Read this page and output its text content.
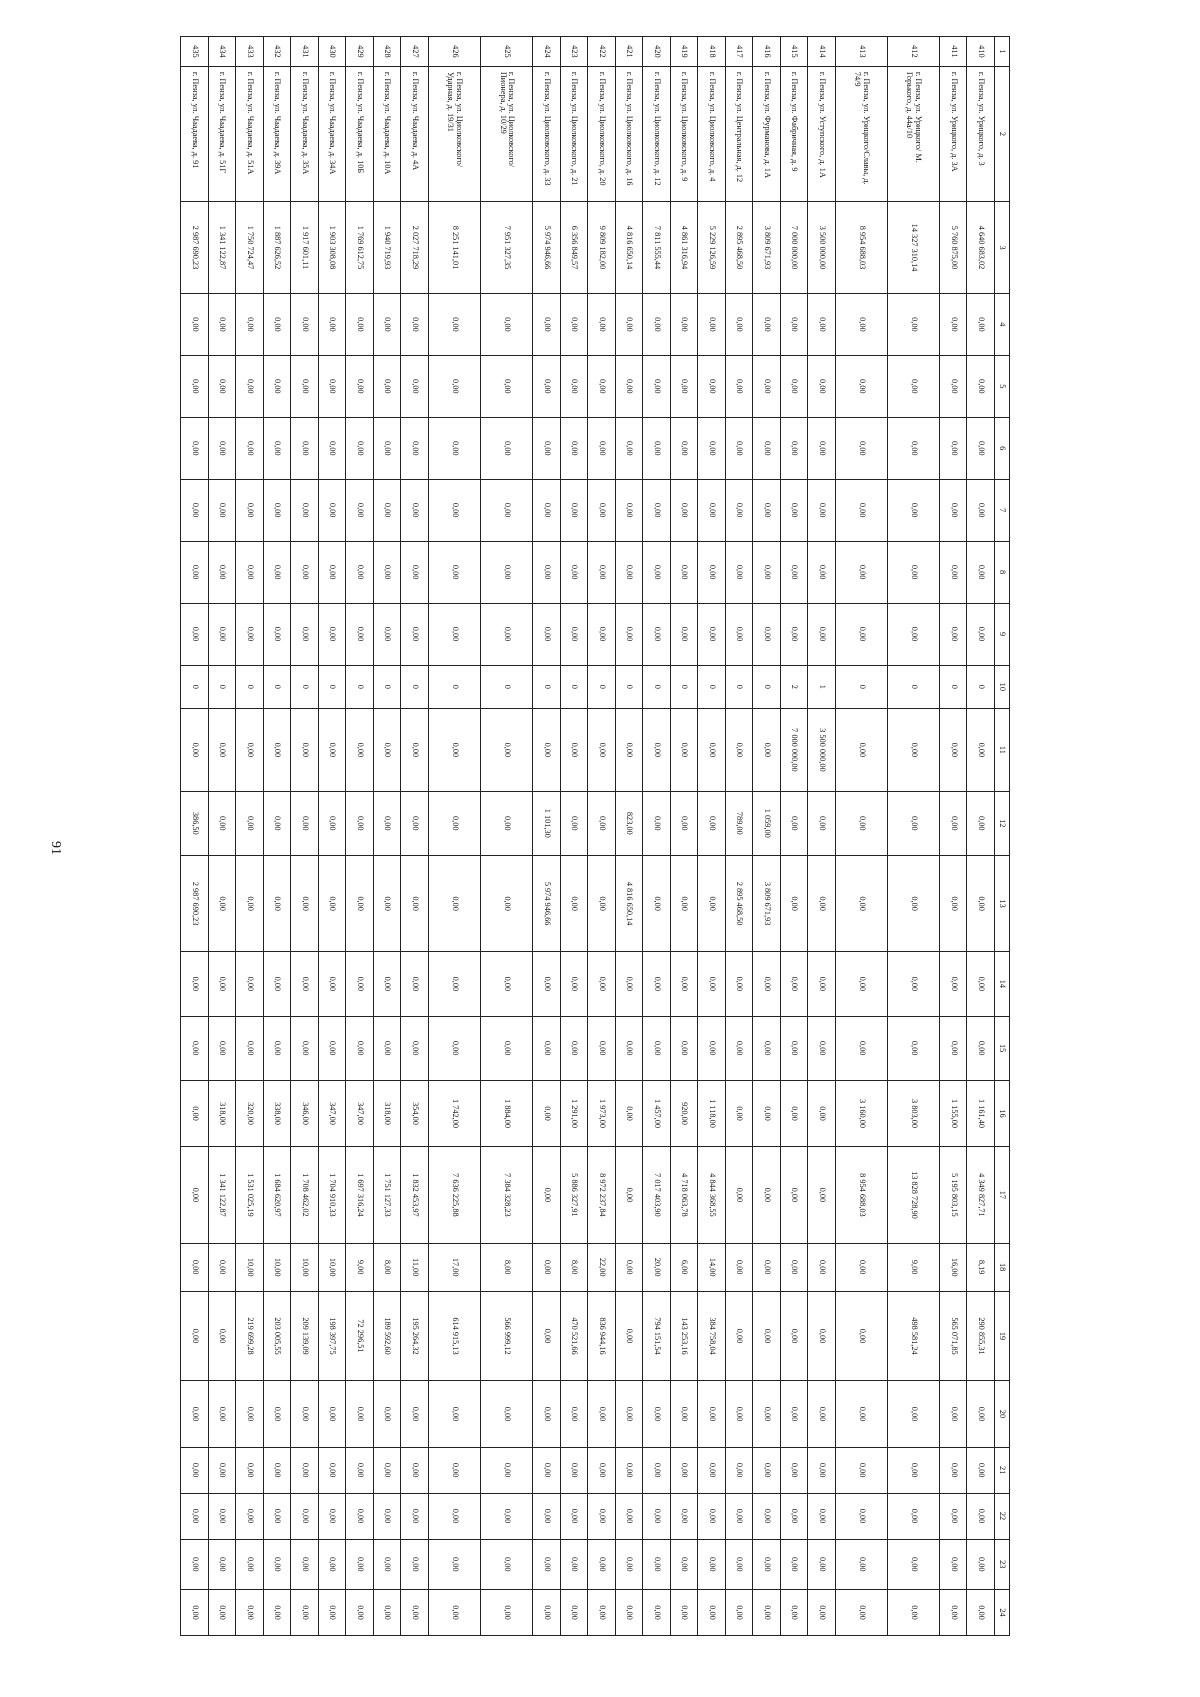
91
1	2	3	4	5	6	7	8	9	10	11	12	13	14	15	16	17	18	19	20	21	22	23	24
410	г. Пенза, ул. Урицкого, д. 3	4 640 683,02	0,00	0,00	0,00	0,00	0,00	0,00	0	0,00	0,00	0,00	0,00	0,00	1 161,40	4 349 827,71	8,19	290 855,31	0,00	0,00	0,00	0,00	0,00
411	г. Пенза, ул. Урицкого, д. 3А	5 760 875,00	0,00	0,00	0,00	0,00	0,00	0,00	0	0,00	0,00	0,00	0,00	0,00	1 155,00	5 195 803,15	16,00	565 071,85	0,00	0,00	0,00	0,00	0,00
412	г. Пенза, ул. Урицкого/ М. Горького, д. 44а/10	14 327 310,14	0,00	0,00	0,00	0,00	0,00	0,00	0	0,00	0,00	0,00	0,00	0,00	3 803,00	13 828 728,90	9,00	498 581,24	0,00	0,00	0,00	0,00	0,00
413	г. Пенза, ул. Урицкого/Славы, д. 74/9	8 954 688,03	0,00	0,00	0,00	0,00	0,00	0,00	0	0,00	0,00	0,00	0,00	0,00	3 160,00	8 954 688,03	0,00	0,00	0,00	0,00	0,00	0,00	0,00
414	г. Пенза, ул. Уступского, д. 1А	3 500 000,00	0,00	0,00	0,00	0,00	0,00	0,00	1	3 500 000,00	0,00	0,00	0,00	0,00	0,00	0,00	0,00	0,00	0,00	0,00	0,00	0,00	0,00
415	г. Пенза, ул. Фабричная, д. 9	7 000 000,00	0,00	0,00	0,00	0,00	0,00	0,00	2	7 000 000,00	0,00	0,00	0,00	0,00	0,00	0,00	0,00	0,00	0,00	0,00	0,00	0,00	0,00
416	г. Пенза, ул. Фурманова, д. 1А	3 809 671,93	0,00	0,00	0,00	0,00	0,00	0,00	0	0,00	1 059,00	3 809 671,93	0,00	0,00	0,00	0,00	0,00	0,00	0,00	0,00	0,00	0,00	0,00
417	г. Пенза, ул. Центральная, д. 12	2 895 468,50	0,00	0,00	0,00	0,00	0,00	0,00	0	0,00	789,00	2 895 468,50	0,00	0,00	0,00	0,00	0,00	0,00	0,00	0,00	0,00	0,00	0,00
418	г. Пенза, ул. Циолковского, д. 4	5 229 126,59	0,00	0,00	0,00	0,00	0,00	0,00	0	0,00	0,00	0,00	0,00	0,00	1 118,00	4 844 368,55	14,00	384 758,04	0,00	0,00	0,00	0,00	0,00
419	г. Пенза, ул. Циолковского, д. 9	4 861 316,94	0,00	0,00	0,00	0,00	0,00	0,00	0	0,00	0,00	0,00	0,00	0,00	920,00	4 718 063,78	6,00	143 253,16	0,00	0,00	0,00	0,00	0,00
420	г. Пенза, ул. Циолковского, д. 12	7 811 555,44	0,00	0,00	0,00	0,00	0,00	0,00	0	0,00	0,00	0,00	0,00	0,00	1 457,00	7 017 403,90	20,00	794 151,54	0,00	0,00	0,00	0,00	0,00
421	г. Пенза, ул. Циолковского, д. 16	4 816 650,14	0,00	0,00	0,00	0,00	0,00	0,00	0	0,00	823,00	4 816 650,14	0,00	0,00	0,00	0,00	0,00	0,00	0,00	0,00	0,00	0,00	0,00
422	г. Пенза, ул. Циолковского, д. 20	9 809 182,00	0,00	0,00	0,00	0,00	0,00	0,00	0	0,00	0,00	0,00	0,00	0,00	1 973,00	8 972 237,84	22,00	836 944,16	0,00	0,00	0,00	0,00	0,00
423	г. Пенза, ул. Циолковского, д. 21	6 356 849,57	0,00	0,00	0,00	0,00	0,00	0,00	0	0,00	0,00	0,00	0,00	0,00	1 291,00	5 886 327,91	8,00	470 521,66	0,00	0,00	0,00	0,00	0,00
424	г. Пенза, ул. Циолковского, д. 33	5 974 946,66	0,00	0,00	0,00	0,00	0,00	0,00	0	0,00	1 101,30	5 974 946,66	0,00	0,00	0,00	0,00	0,00	0,00	0,00	0,00	0,00	0,00	0,00
425	г. Пенза, ул. Циолковского/ Пионера, д. 10/29	7 951 327,35	0,00	0,00	0,00	0,00	0,00	0,00	0	0,00	0,00	0,00	0,00	0,00	1 884,00	7 384 328,23	8,00	566 999,12	0,00	0,00	0,00	0,00	0,00
426	г. Пенза, ул. Циолковского/ Ударная, д. 19/31	8 251 141,01	0,00	0,00	0,00	0,00	0,00	0,00	0	0,00	0,00	0,00	0,00	0,00	1 742,00	7 636 225,88	17,00	614 915,13	0,00	0,00	0,00	0,00	0,00
427	г. Пенза, ул. Чаадаева, д. 4А	2 027 718,29	0,00	0,00	0,00	0,00	0,00	0,00	0	0,00	0,00	0,00	0,00	0,00	354,00	1 832 453,97	11,00	195 264,32	0,00	0,00	0,00	0,00	0,00
428	г. Пенза, ул. Чаадаева, д. 10А	1 940 719,93	0,00	0,00	0,00	0,00	0,00	0,00	0	0,00	0,00	0,00	0,00	0,00	318,00	1 751 127,33	8,00	189 592,60	0,00	0,00	0,00	0,00	0,00
429	г. Пенза, ул. Чаадаева, д. 10Б	1 769 612,75	0,00	0,00	0,00	0,00	0,00	0,00	0	0,00	0,00	0,00	0,00	0,00	347,00	1 697 316,24	9,00	72 296,51	0,00	0,00	0,00	0,00	0,00
430	г. Пенза, ул. Чаадаева, д. 34А	1 903 308,08	0,00	0,00	0,00	0,00	0,00	0,00	0	0,00	0,00	0,00	0,00	0,00	347,00	1 704 910,33	10,00	198 397,75	0,00	0,00	0,00	0,00	0,00
431	г. Пенза, ул. Чаадаева, д. 35А	1 917 601,11	0,00	0,00	0,00	0,00	0,00	0,00	0	0,00	0,00	0,00	0,00	0,00	346,00	1 708 462,02	10,00	209 139,09	0,00	0,00	0,00	0,00	0,00
432	г. Пенза, ул. Чаадаева, д. 39А	1 887 626,52	0,00	0,00	0,00	0,00	0,00	0,00	0	0,00	0,00	0,00	0,00	0,00	338,00	1 684 620,97	10,00	203 005,55	0,00	0,00	0,00	0,00	0,00
433	г. Пенза, ул. Чаадаева, д. 51А	1 750 724,47	0,00	0,00	0,00	0,00	0,00	0,00	0	0,00	0,00	0,00	0,00	0,00	320,00	1 531 025,19	10,00	219 699,28	0,00	0,00	0,00	0,00	0,00
434	г. Пенза, ул. Чаадаева, д. 51Г	1 341 122,87	0,00	0,00	0,00	0,00	0,00	0,00	0	0,00	0,00	0,00	0,00	0,00	318,00	1 341 122,87	0,00	0,00	0,00	0,00	0,00	0,00	0,00
435	г. Пенза, ул. Чаадаева, д. 91	2 987 690,23	0,00	0,00	0,00	0,00	0,00	0,00	0	0,00	386,50	2 987 690,23	0,00	0,00	0,00	0,00	0,00	0,00	0,00	0,00	0,00	0,00	0,00
